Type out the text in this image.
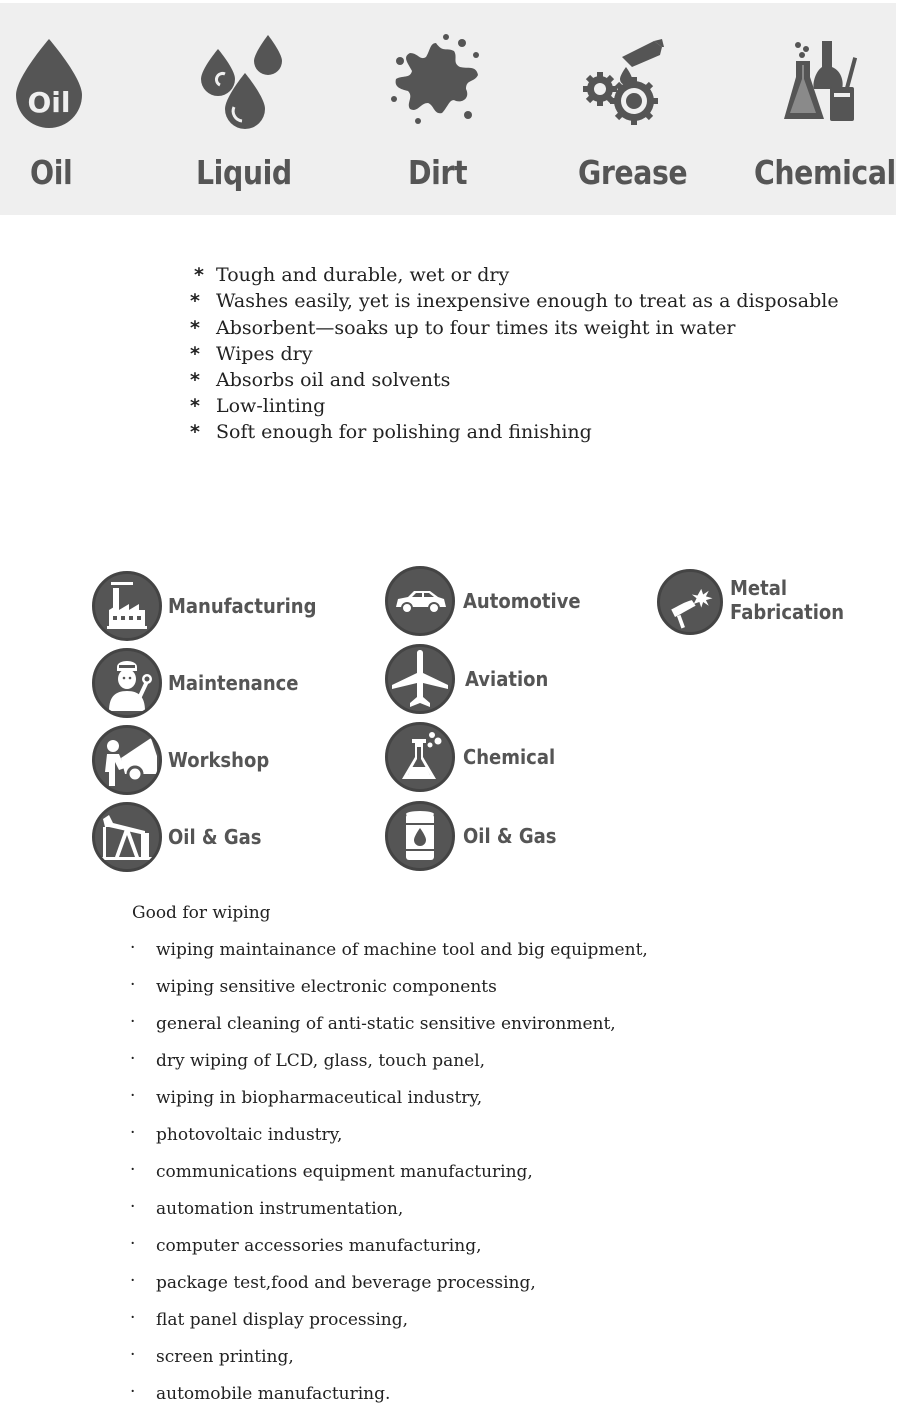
Oil
Oil	Liquid	Dirt	Grease Chemical
* Tough and durable, wet or dry
* Washes easily, yet is inexpensive enough to treat as a disposable
* Absorbent—soaks up to four times its weight in water
* Wipes dry
* Absorbs oil and solvents
* Low-linting
* Soft enough for polishing and finishing
Manufacturing	Automotive
Metal
Fabrication
Maintenance	Aviation
Workshop	Chemical
Oil & Gas	Oil & Gas
Good for wiping
· wiping maintainance of machine tool and big equipment,
· wiping sensitive electronic components
· general cleaning of anti-static sensitive environment,
· dry wiping of LCD, glass, touch panel,
· wiping in biopharmaceutical industry,
· photovoltaic industry,
· communications equipment manufacturing,
· automation instrumentation,
· computer accessories manufacturing,
· package test,food and beverage processing,
· flat panel display processing,
· screen printing,
· automobile manufacturing.
